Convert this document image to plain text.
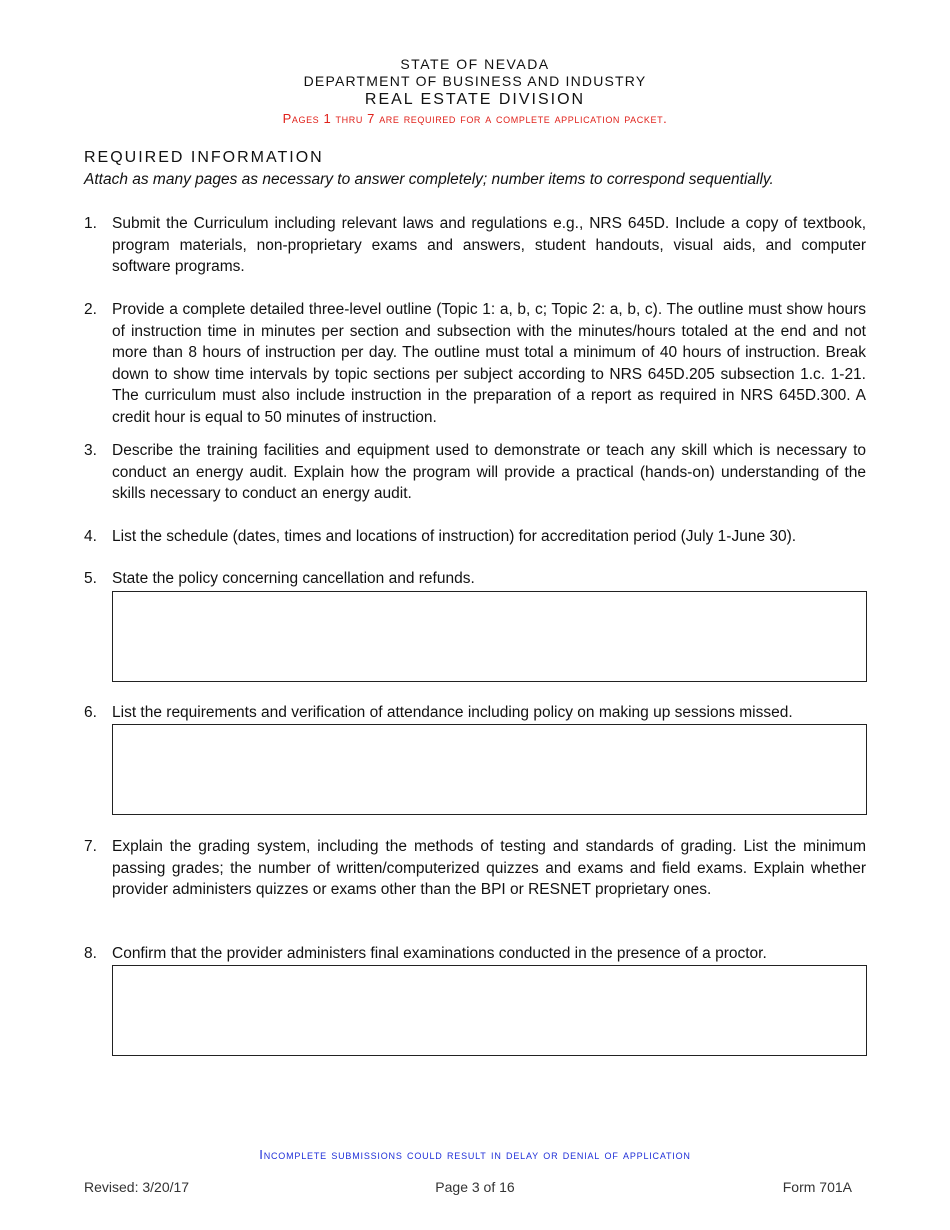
STATE OF NEVADA
DEPARTMENT OF BUSINESS AND INDUSTRY
REAL ESTATE DIVISION
Pages 1 thru 7 are required for a complete application packet.
REQUIRED INFORMATION
Attach as many pages as necessary to answer completely; number items to correspond sequentially.
1. Submit the Curriculum including relevant laws and regulations e.g., NRS 645D. Include a copy of textbook, program materials, non-proprietary exams and answers, student handouts, visual aids, and computer software programs.
2. Provide a complete detailed three-level outline (Topic 1: a, b, c; Topic 2: a, b, c). The outline must show hours of instruction time in minutes per section and subsection with the minutes/hours totaled at the end and not more than 8 hours of instruction per day. The outline must total a minimum of 40 hours of instruction. Break down to show time intervals by topic sections per subject according to NRS 645D.205 subsection 1.c. 1-21. The curriculum must also include instruction in the preparation of a report as required in NRS 645D.300. A credit hour is equal to 50 minutes of instruction.
3. Describe the training facilities and equipment used to demonstrate or teach any skill which is necessary to conduct an energy audit. Explain how the program will provide a practical (hands-on) understanding of the skills necessary to conduct an energy audit.
4. List the schedule (dates, times and locations of instruction) for accreditation period (July 1-June 30).
5. State the policy concerning cancellation and refunds.
6. List the requirements and verification of attendance including policy on making up sessions missed.
7. Explain the grading system, including the methods of testing and standards of grading. List the minimum passing grades; the number of written/computerized quizzes and exams and field exams. Explain whether provider administers quizzes or exams other than the BPI or RESNET proprietary ones.
8. Confirm that the provider administers final examinations conducted in the presence of a proctor.
Incomplete submissions could result in delay or denial of application
Revised: 3/20/17	Page 3 of 16	Form 701A
